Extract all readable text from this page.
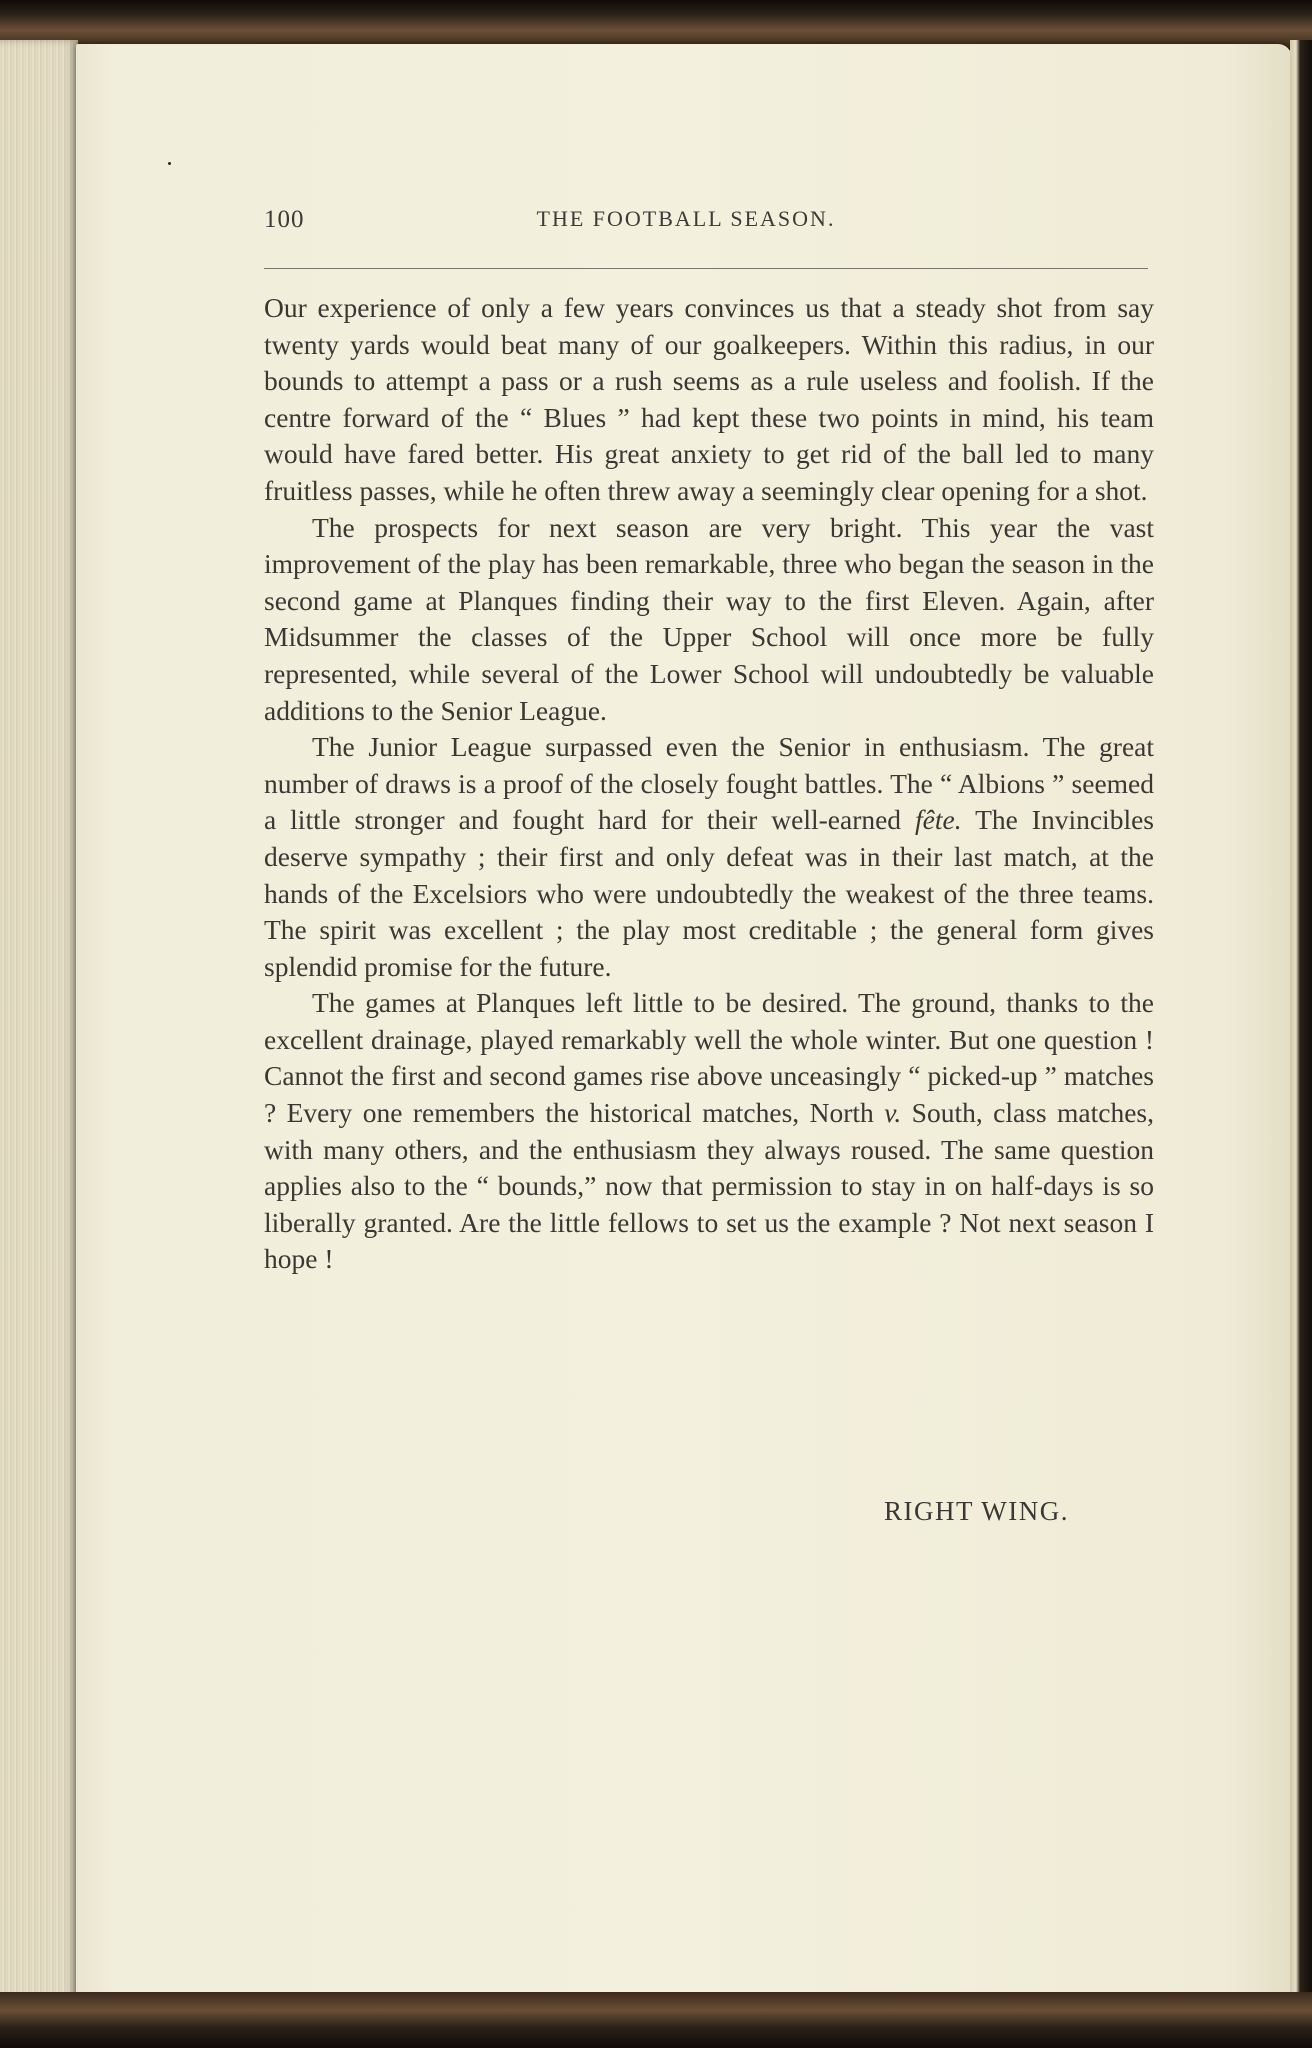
100	THE FOOTBALL SEASON.

Our experience of only a few years convinces us that a steady shot from say twenty yards would beat many of our goalkeepers. Within this radius, in our bounds to attempt a pass or a rush seems as a rule useless and foolish. If the centre forward of the “ Blues ” had kept these two points in mind, his team would have fared better. His great anxiety to get rid of the ball led to many fruitless passes, while he often threw away a seemingly clear opening for a shot.

The prospects for next season are very bright. This year the vast improvement of the play has been remarkable, three who began the season in the second game at Planques finding their way to the first Eleven. Again, after Midsummer the classes of the Upper School will once more be fully represented, while several of the Lower School will undoubtedly be valuable additions to the Senior League.

The Junior League surpassed even the Senior in enthusiasm. The great number of draws is a proof of the closely fought battles. The “ Albions ” seemed a little stronger and fought hard for their well-earned fête. The Invincibles deserve sympathy ; their first and only defeat was in their last match, at the hands of the Excelsiors who were undoubtedly the weakest of the three teams. The spirit was excellent ; the play most creditable ; the general form gives splendid promise for the future.

The games at Planques left little to be desired. The ground, thanks to the excellent drainage, played remarkably well the whole winter. But one question ! Cannot the first and second games rise above unceasingly “ picked-up ” matches ? Every one remembers the historical matches, North v. South, class matches, with many others, and the enthusiasm they always roused. The same question applies also to the “ bounds,” now that permission to stay in on half-days is so liberally granted. Are the little fellows to set us the example ? Not next season I hope !

RIGHT WING.
